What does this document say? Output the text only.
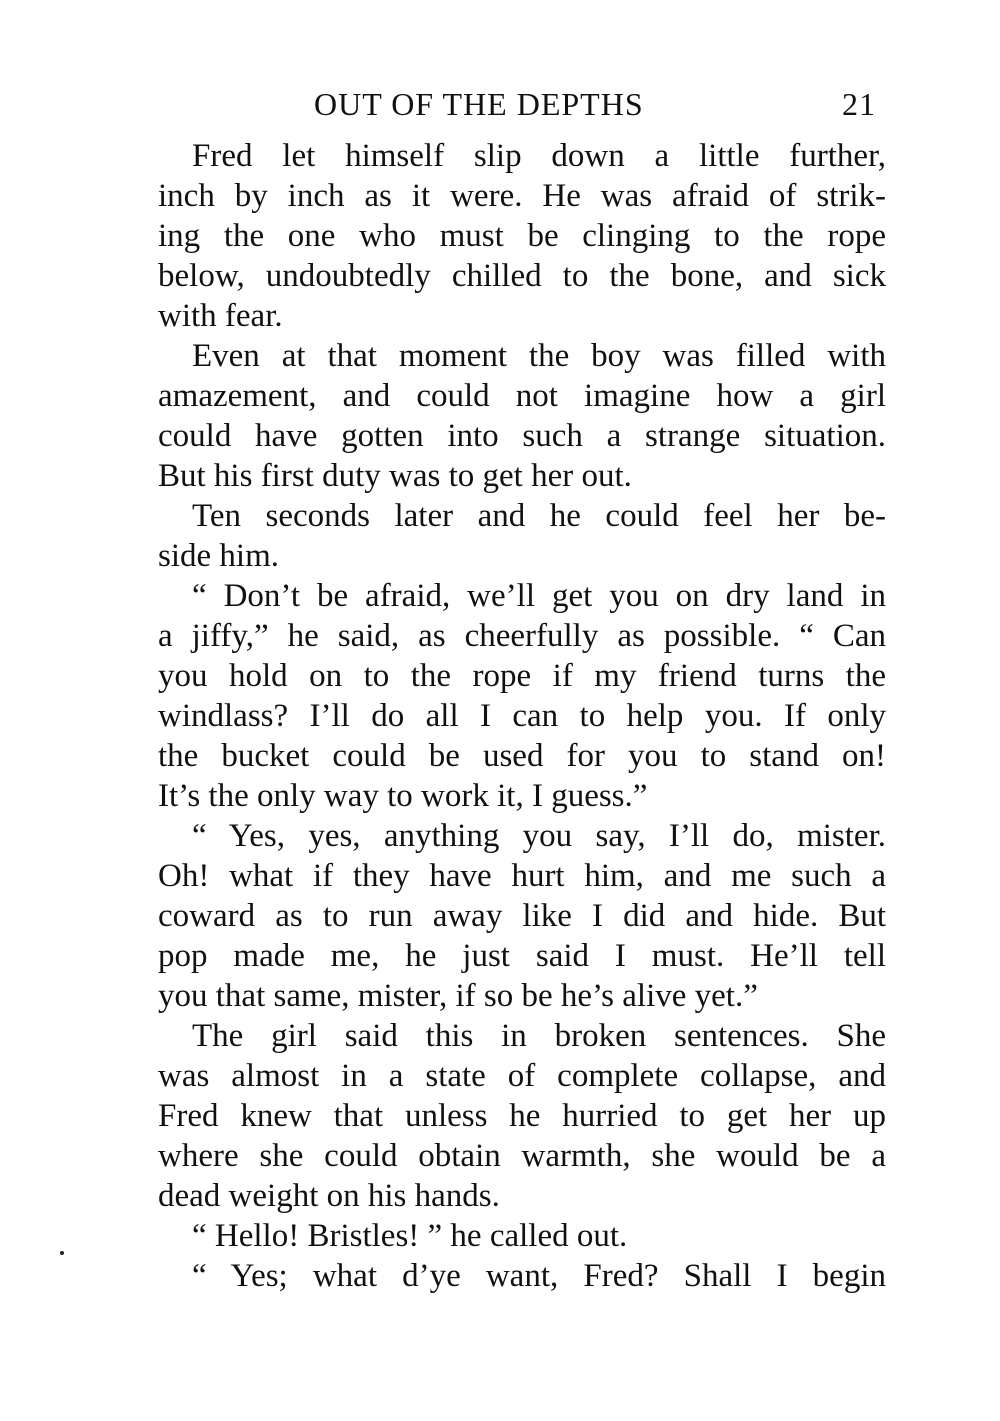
OUT OF THE DEPTHS	21
Fred let himself slip down a little further,
inch by inch as it were. He was afraid of strik-
ing the one who must be clinging to the rope
below, undoubtedly chilled to the bone, and sick
with fear.
Even at that moment the boy was filled with
amazement, and could not imagine how a girl
could have gotten into such a strange situation.
But his first duty was to get her out.
Ten seconds later and he could feel her be-
side him.
“ Don’t be afraid, we’ll get you on dry land in
a jiffy,” he said, as cheerfully as possible. “ Can
you hold on to the rope if my friend turns the
windlass? I’ll do all I can to help you. If only
the bucket could be used for you to stand on!
It’s the only way to work it, I guess.”
“ Yes, yes, anything you say, I’ll do, mister.
Oh! what if they have hurt him, and me such a
coward as to run away like I did and hide. But
pop made me, he just said I must. He’ll tell
you that same, mister, if so be he’s alive yet.”
The girl said this in broken sentences. She
was almost in a state of complete collapse, and
Fred knew that unless he hurried to get her up
where she could obtain warmth, she would be a
dead weight on his hands.
“ Hello! Bristles! ” he called out.
“ Yes; what d’ye want, Fred? Shall I begin
